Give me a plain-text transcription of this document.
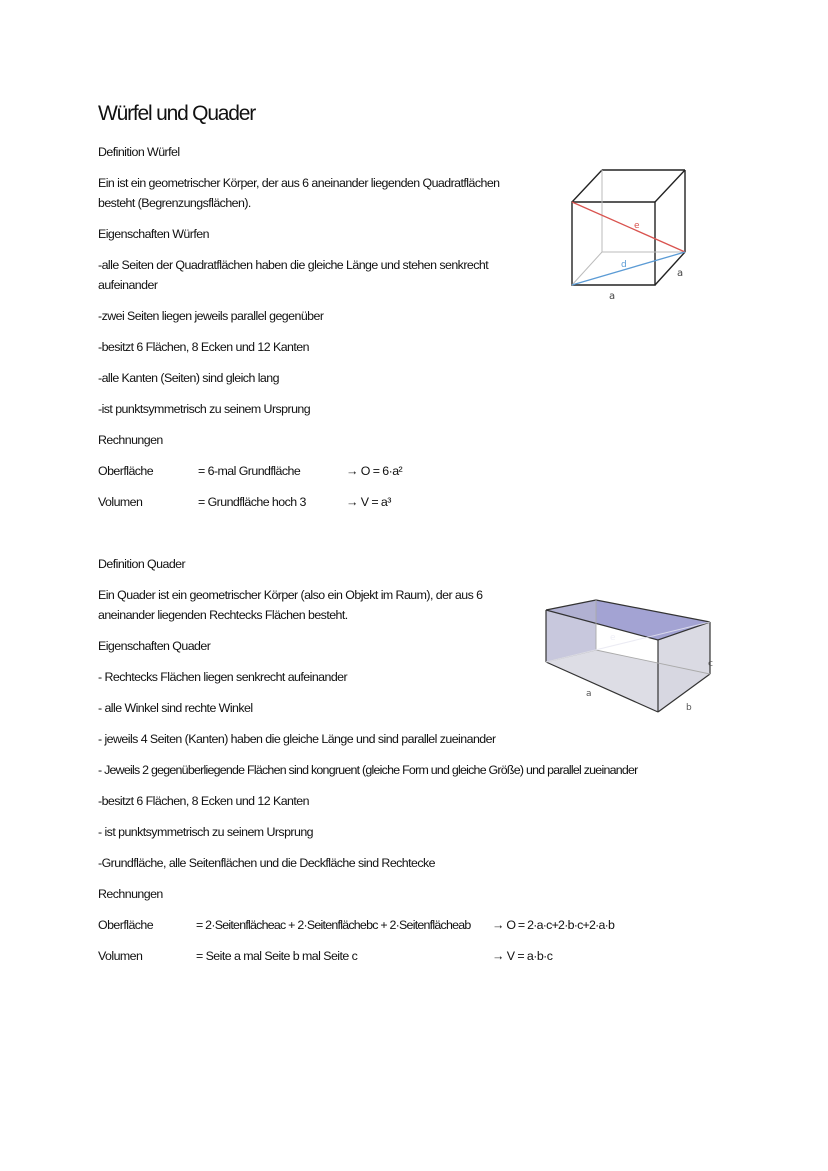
Würfel und Quader
Definition Würfel
Ein ist ein geometrischer Körper, der aus 6 aneinander liegenden Quadratflächen
besteht (Begrenzungsflächen).
Eigenschaften Würfen
-alle Seiten der Quadratflächen haben die gleiche Länge und stehen senkrecht
aufeinander
-zwei Seiten liegen jeweils parallel gegenüber
-besitzt 6 Flächen, 8 Ecken und 12 Kanten
-alle Kanten (Seiten) sind gleich lang
-ist punktsymmetrisch zu seinem Ursprung
Rechnungen
Oberfläche	= 6-mal Grundfläche	→ O = 6·a²
Volumen	= Grundfläche hoch 3	→ V = a³
e
d
a
a
Definition Quader
Ein Quader ist ein geometrischer Körper (also ein Objekt im Raum), der aus 6
aneinander liegenden Rechtecks Flächen besteht.
Eigenschaften Quader
- Rechtecks Flächen liegen senkrecht aufeinander
- alle Winkel sind rechte Winkel
- jeweils 4 Seiten (Kanten) haben die gleiche Länge und sind parallel zueinander
- Jeweils 2 gegenüberliegende Flächen sind kongruent (gleiche Form und gleiche Größe) und parallel zueinander
-besitzt 6 Flächen, 8 Ecken und 12 Kanten
- ist punktsymmetrisch zu seinem Ursprung
-Grundfläche, alle Seitenflächen und die Deckfläche sind Rechtecke
Rechnungen
Oberfläche	= 2·Seitenflächeac + 2·Seitenflächebc + 2·Seitenflächeab → O = 2·a·c+2·b·c+2·a·b
Volumen	= Seite a mal Seite b mal Seite c	→ V = a·b·c
e
a
b
c
